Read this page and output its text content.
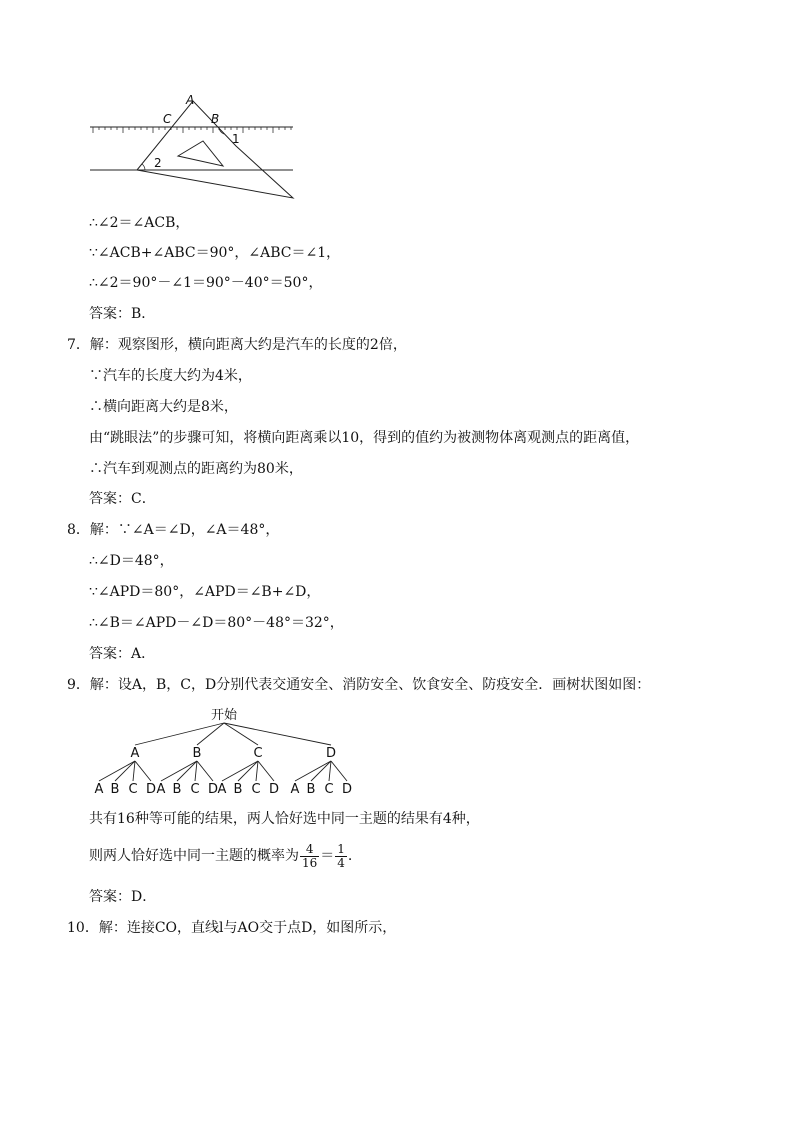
A
C	B
1
2
∴∠2＝∠ACB，
∵∠ACB+∠ABC＝90°，∠ABC＝∠1，
∴∠2＝90°－∠1＝90°－40°＝50°，
答案：B．
7．解：观察图形，横向距离大约是汽车的长度的2倍，
∵汽车的长度大约为4米，
∴横向距离大约是8米，
由“跳眼法”的步骤可知，将横向距离乘以10，得到的值约为被测物体离观测点的距离值，
∴汽车到观测点的距离约为80米，
答案：C．
8．解：∵∠A＝∠D，∠A＝48°，
∴∠D＝48°，
∵∠APD＝80°，∠APD＝∠B+∠D，
∴∠B＝∠APD－∠D＝80°－48°＝32°，
答案：A．
9．解：设A，B，C，D分别代表交通安全、消防安全、饮食安全、防疫安全．画树状图如图：
开始
A
A B C D
B
A B C D
C
A B C D
D
A B C D
共有16种等可能的结果，两人恰好选中同一主题的结果有4种，
则两人恰好选中同一主题的概率为 $\frac{4}{16} = \frac{1}{4}$ .
答案：D．
10．解：连接CO，直线l与AO交于点D，如图所示，
